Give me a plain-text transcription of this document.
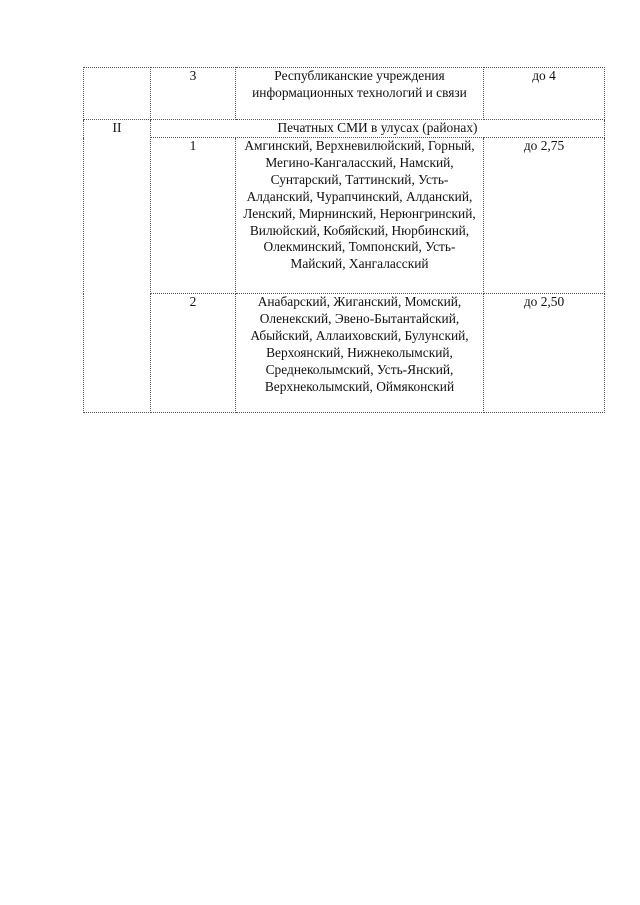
	3	Республиканские учреждения информационных технологий и связи	до 4
II	Печатных СМИ в улусах (районах)		
	1	Амгинский, Верхневилюйский, Горный, Мегино-Кангаласский, Намский, Сунтарский, Таттинский, Усть-Алданский, Чурапчинский, Алданский, Ленский, Мирнинский, Нерюнгринский, Вилюйский, Кобяйский, Нюрбинский, Олекминский, Томпонский, Усть-Майский, Хангаласский	до 2,75
	2	Анабарский, Жиганский, Момский, Оленекский, Эвено-Бытантайский, Абыйский, Аллаиховский, Булунский, Верхоянский, Нижнеколымский, Среднеколымский, Усть-Янский, Верхнеколымский, Оймяконский	до 2,50
